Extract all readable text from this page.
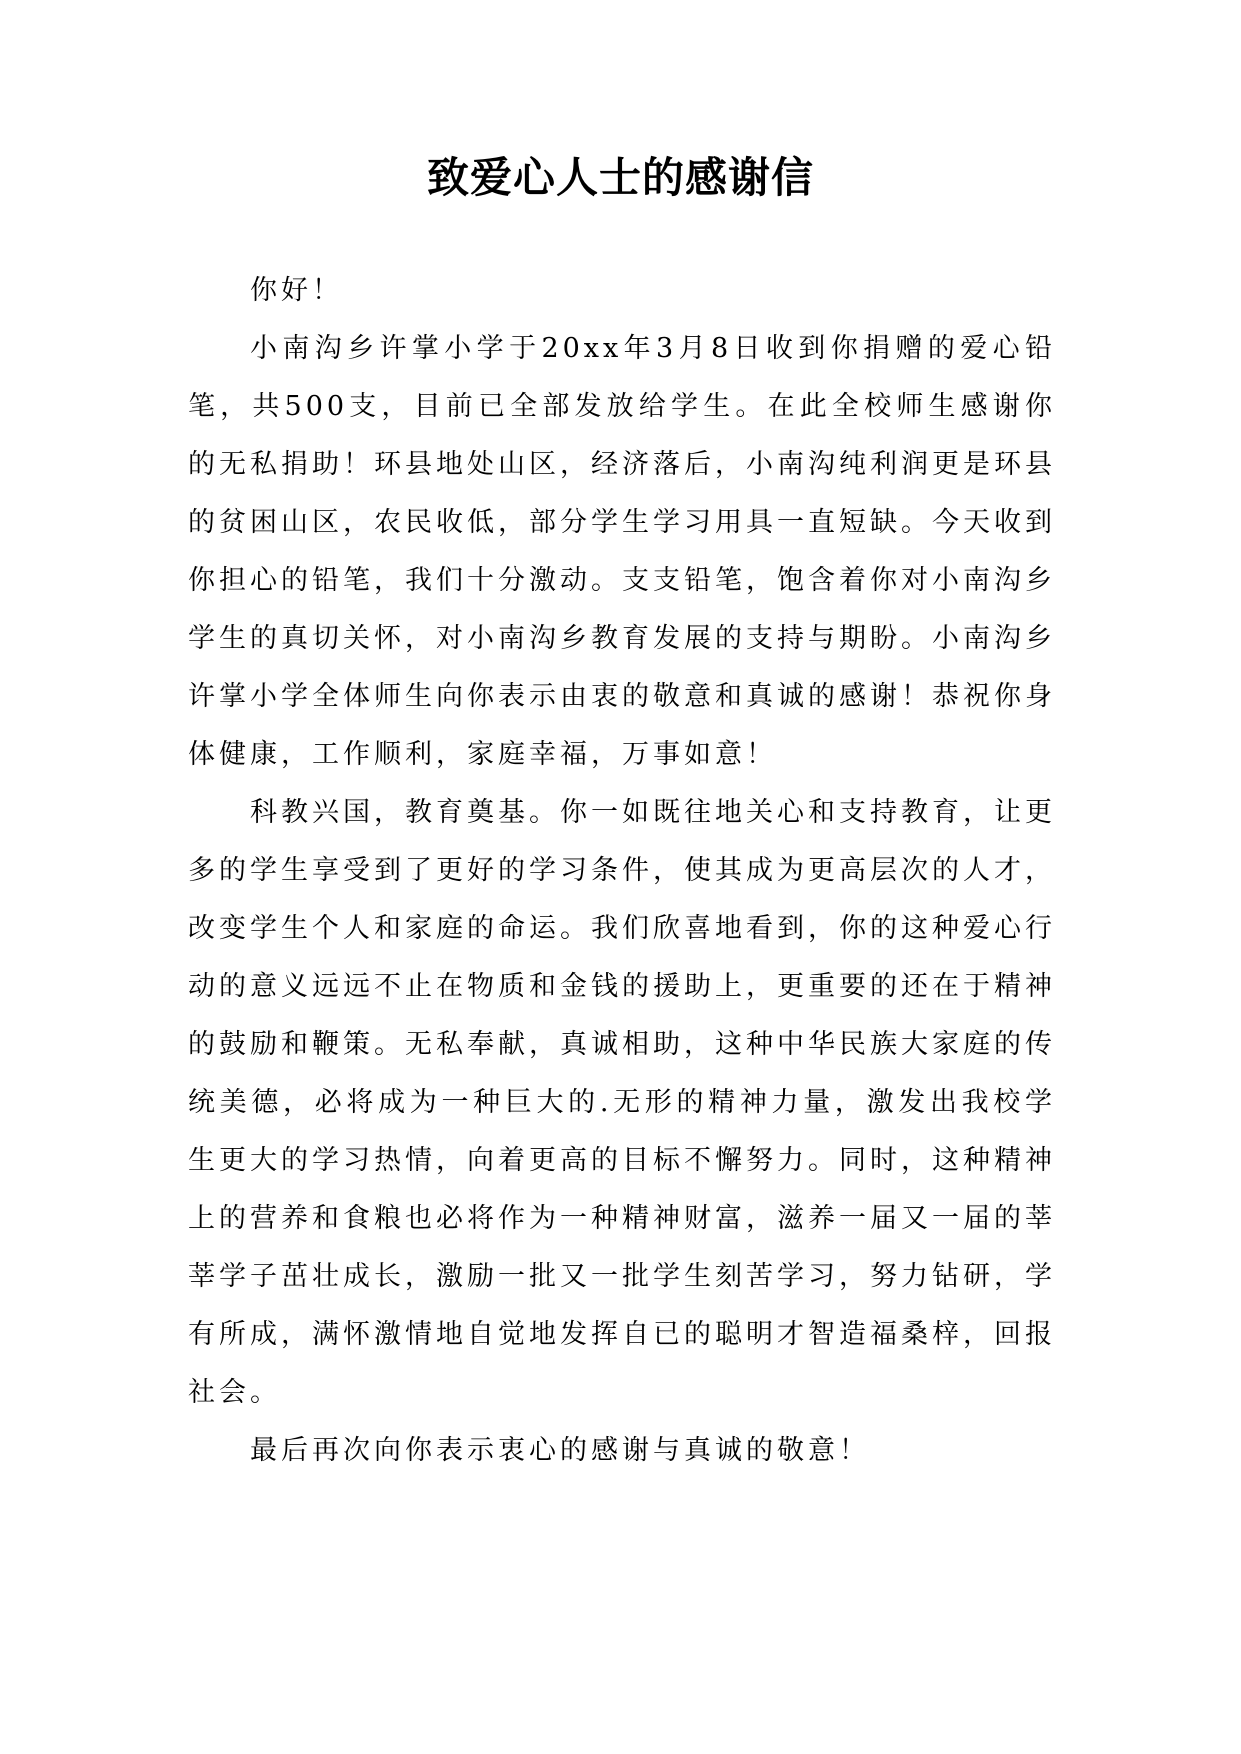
致爱心人士的感谢信

你好！

小南沟乡许掌小学于20xx年3月8日收到你捐赠的爱心铅笔，共500支，目前已全部发放给学生。在此全校师生感谢你的无私捐助！环县地处山区，经济落后，小南沟纯利润更是环县的贫困山区，农民收低，部分学生学习用具一直短缺。今天收到你担心的铅笔，我们十分激动。支支铅笔，饱含着你对小南沟乡学生的真切关怀，对小南沟乡教育发展的支持与期盼。小南沟乡许掌小学全体师生向你表示由衷的敬意和真诚的感谢！恭祝你身体健康，工作顺利，家庭幸福，万事如意！

科教兴国，教育奠基。你一如既往地关心和支持教育，让更多的学生享受到了更好的学习条件，使其成为更高层次的人才，改变学生个人和家庭的命运。我们欣喜地看到，你的这种爱心行动的意义远远不止在物质和金钱的援助上，更重要的还在于精神的鼓励和鞭策。无私奉献，真诚相助，这种中华民族大家庭的传统美德，必将成为一种巨大的.无形的精神力量，激发出我校学生更大的学习热情，向着更高的目标不懈努力。同时，这种精神上的营养和食粮也必将作为一种精神财富，滋养一届又一届的莘莘学子茁壮成长，激励一批又一批学生刻苦学习，努力钻研，学有所成，满怀激情地自觉地发挥自已的聪明才智造福桑梓，回报社会。

最后再次向你表示衷心的感谢与真诚的敬意！
